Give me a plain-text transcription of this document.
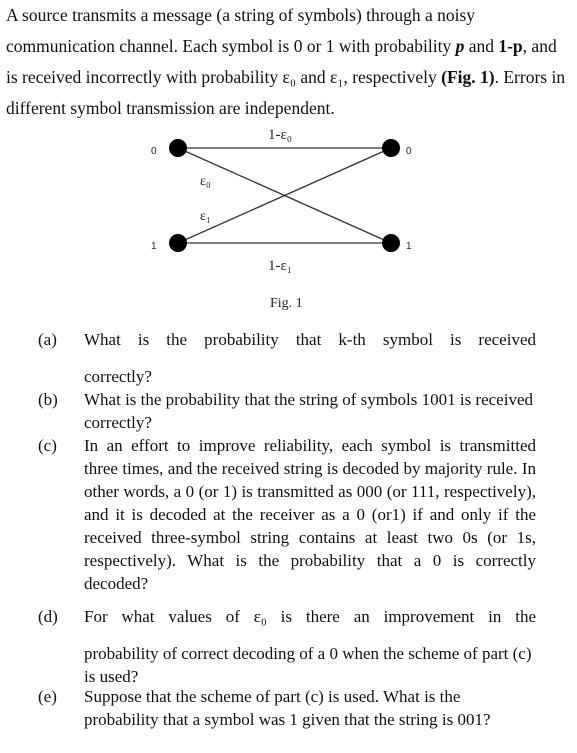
A source transmits a message (a string of symbols) through a noisy communication channel. Each symbol is 0 or 1 with probability p and 1-p, and is received incorrectly with probability ε₀ and ε₁, respectively (Fig. 1). Errors in different symbol transmission are independent.
1-ε₀
1-ε₁
ε₀
ε₁
0
1
0
1
Fig. 1
(a) What is the probability that k-th symbol is received
correctly?
(b) What is the probability that the string of symbols 1001 is received correctly?
(c) In an effort to improve reliability, each symbol is transmitted three times, and the received string is decoded by majority rule. In other words, a 0 (or 1) is transmitted as 000 (or 111, respectively), and it is decoded at the receiver as a 0 (or1) if and only if the received three-symbol string contains at least two 0s (or 1s, respectively). What is the probability that a 0 is correctly decoded?
(d) For what values of ε₀ is there an improvement in the
probability of correct decoding of a 0 when the scheme of part (c) is used?
(e) Suppose that the scheme of part (c) is used. What is the probability that a symbol was 1 given that the string is 001?
